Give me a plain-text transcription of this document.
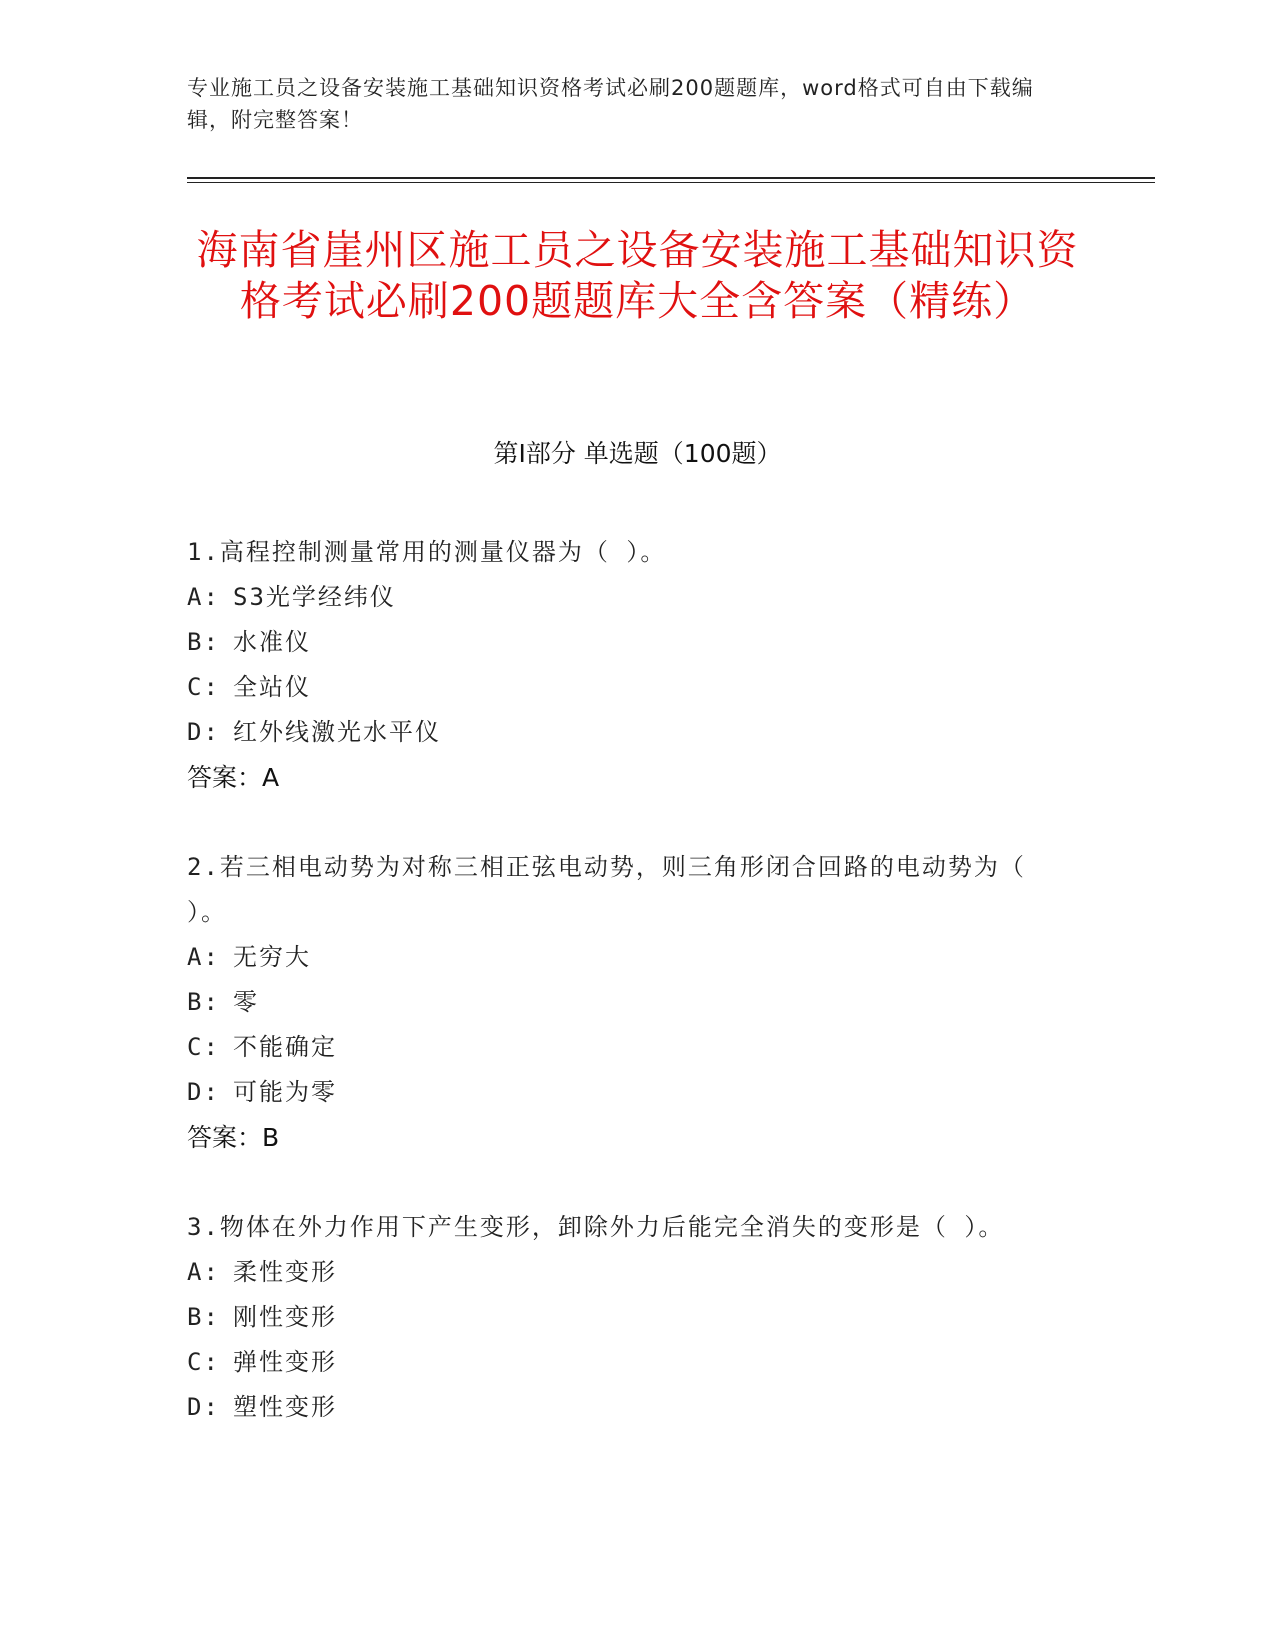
专业施工员之设备安装施工基础知识资格考试必刷200题题库，word格式可自由下载编辑，附完整答案！
海南省崖州区施工员之设备安装施工基础知识资格考试必刷200题题库大全含答案（精练）
第I部分 单选题（100题）

1.高程控制测量常用的测量仪器为（ ）。

A: S3光学经纬仪

B: 水准仪

C: 全站仪

D: 红外线激光水平仪

答案：A

2.若三相电动势为对称三相正弦电动势，则三角形闭合回路的电动势为（ ）。

A: 无穷大

B: 零

C: 不能确定

D: 可能为零

答案：B

3.物体在外力作用下产生变形，卸除外力后能完全消失的变形是（ ）。

A: 柔性变形

B: 刚性变形

C: 弹性变形

D: 塑性变形
